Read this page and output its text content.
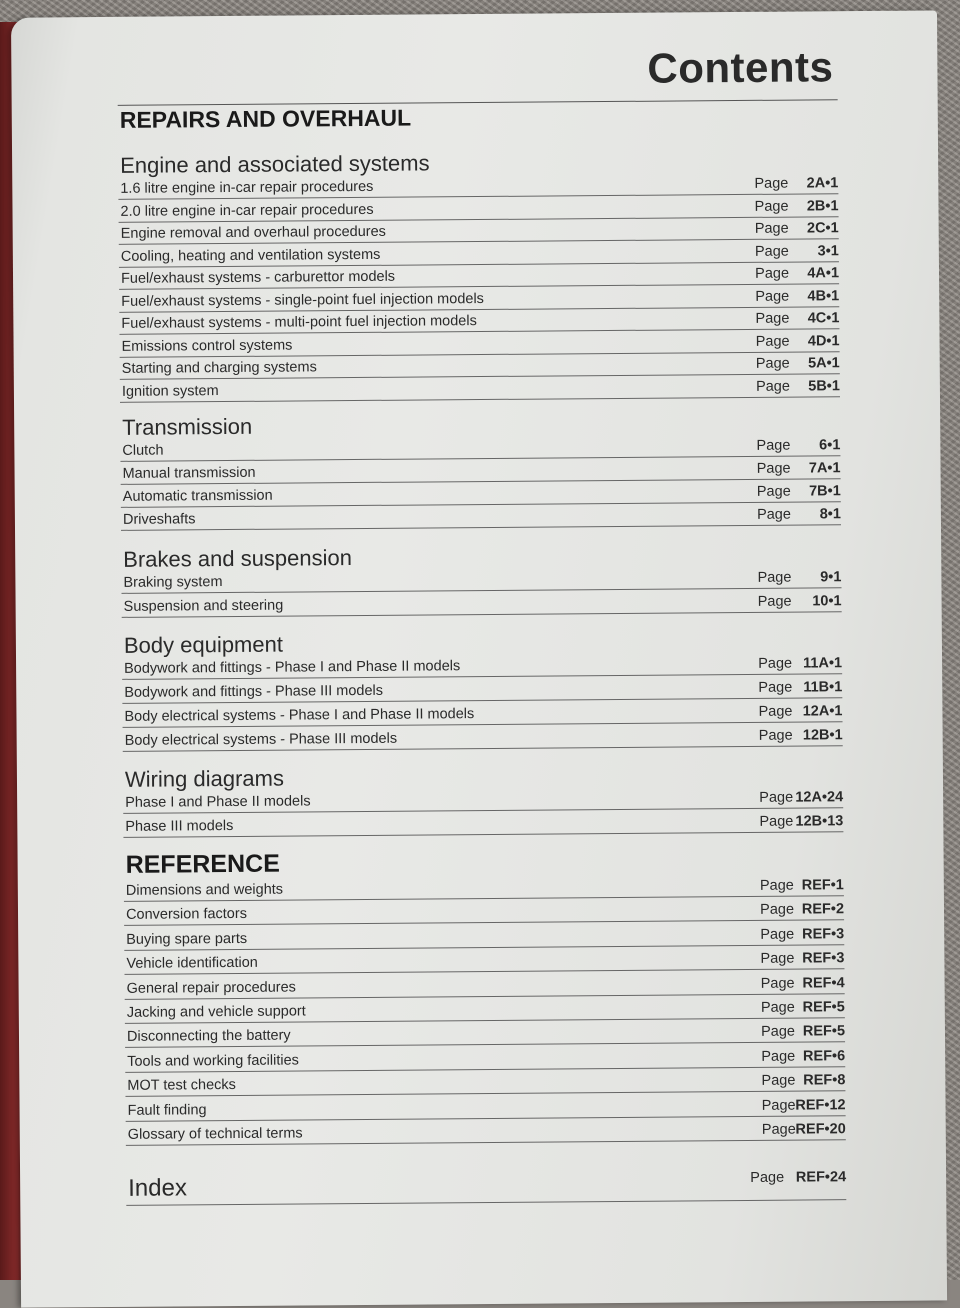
Contents
REPAIRS AND OVERHAUL
Engine and associated systems
1.6 litre engine in-car repair procedures	Page 2A•1
2.0 litre engine in-car repair procedures	Page 2B•1
Engine removal and overhaul procedures	Page 2C•1
Cooling, heating and ventilation systems	Page 3•1
Fuel/exhaust systems - carburettor models	Page 4A•1
Fuel/exhaust systems - single-point fuel injection models	Page 4B•1
Fuel/exhaust systems - multi-point fuel injection models	Page 4C•1
Emissions control systems	Page 4D•1
Starting and charging systems	Page 5A•1
Ignition system	Page 5B•1
Transmission
Clutch	Page 6•1
Manual transmission	Page 7A•1
Automatic transmission	Page 7B•1
Driveshafts	Page 8•1
Brakes and suspension
Braking system	Page 9•1
Suspension and steering	Page 10•1
Body equipment
Bodywork and fittings - Phase I and Phase II models	Page 11A•1
Bodywork and fittings - Phase III models	Page 11B•1
Body electrical systems - Phase I and Phase II models	Page 12A•1
Body electrical systems - Phase III models	Page 12B•1
Wiring diagrams
Phase I and Phase II models	Page 12A•24
Phase III models	Page 12B•13
REFERENCE
Dimensions and weights	Page REF•1
Conversion factors	Page REF•2
Buying spare parts	Page REF•3
Vehicle identification	Page REF•3
General repair procedures	Page REF•4
Jacking and vehicle support	Page REF•5
Disconnecting the battery	Page REF•5
Tools and working facilities	Page REF•6
MOT test checks	Page REF•8
Fault finding	Page REF•12
Glossary of technical terms	Page REF•20
Index	Page REF•24
